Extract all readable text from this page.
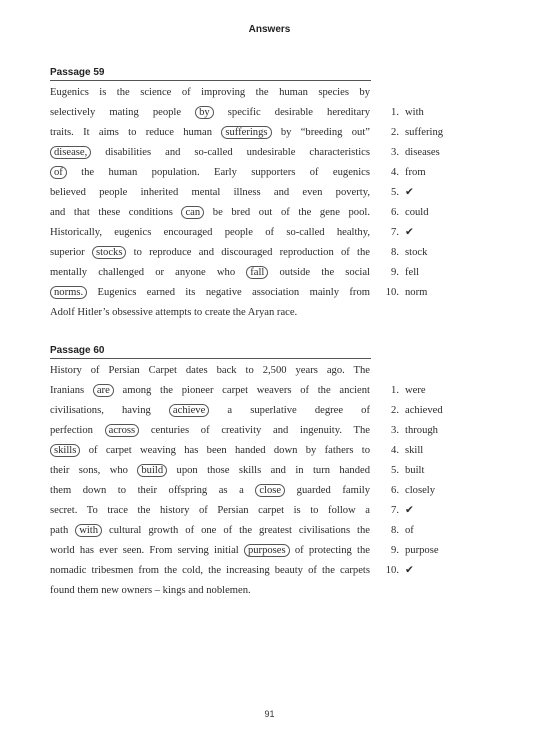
Answers
Passage 59
Eugenics is the science of improving the human species by
selectively mating people by specific desirable hereditary
traits. It aims to reduce human sufferings by “breeding out”
disease, disabilities and so-called undesirable characteristics
of the human population. Early supporters of eugenics
believed people inherited mental illness and even poverty,
and that these conditions can be bred out of the gene pool.
Historically, eugenics encouraged people of so-called healthy,
superior stocks to reproduce and discouraged reproduction of the
mentally challenged or anyone who fall outside the social
norms. Eugenics earned its negative association mainly from
Adolf Hitler’s obsessive attempts to create the Aryan race.
1. with
2. suffering
3. diseases
4. from
5. ✔
6. could
7. ✔
8. stock
9. fell
10. norm
Passage 60
History of Persian Carpet dates back to 2,500 years ago. The
Iranians are among the pioneer carpet weavers of the ancient
civilisations, having achieve a superlative degree of
perfection across centuries of creativity and ingenuity. The
skills of carpet weaving has been handed down by fathers to
their sons, who build upon those skills and in turn handed
them down to their offspring as a close guarded family
secret. To trace the history of Persian carpet is to follow a
path with cultural growth of one of the greatest civilisations the
world has ever seen. From serving initial purposes of protecting the
nomadic tribesmen from the cold, the increasing beauty of the carpets
found them new owners – kings and noblemen.
1. were
2. achieved
3. through
4. skill
5. built
6. closely
7. ✔
8. of
9. purpose
10. ✔
91
